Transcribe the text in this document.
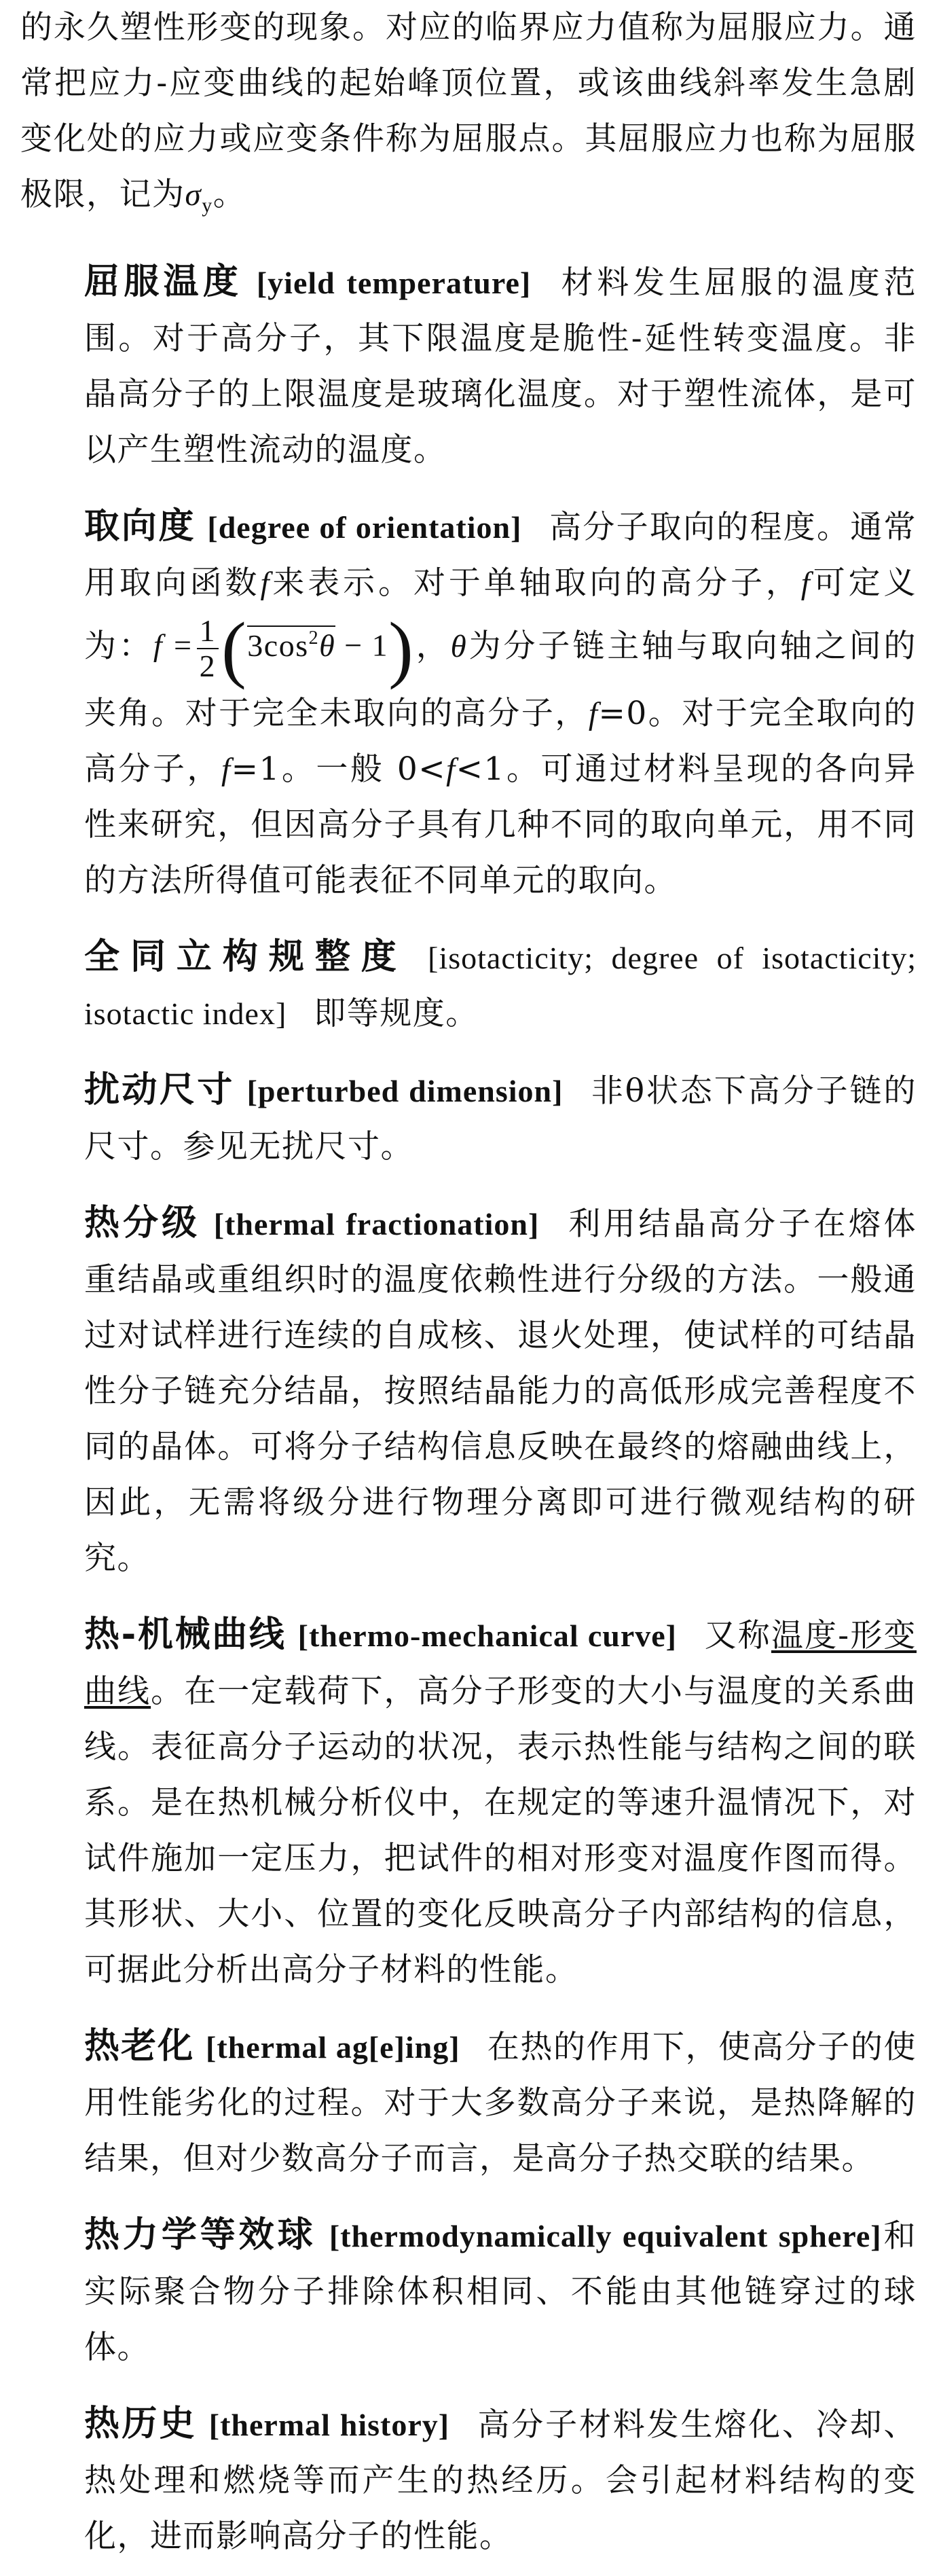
的永久塑性形变的现象。对应的临界应力值称为屈服应力。通常把应力-应变曲线的起始峰顶位置，或该曲线斜率发生急剧变化处的应力或应变条件称为屈服点。其屈服应力也称为屈服极限，记为$\sigma_y$。

屈服温度 [yield temperature] 材料发生屈服的温度范围。对于高分子，其下限温度是脆性-延性转变温度。非晶高分子的上限温度是玻璃化温度。对于塑性流体，是可以产生塑性流动的温度。

取向度 [degree of orientation] 高分子取向的程度。通常用取向函数f来表示。对于单轴取向的高分子，f可定义为：$f = \frac{1}{2} (3\cos^2\theta - 1)$，θ为分子链主轴与取向轴之间的夹角。对于完全未取向的高分子，f=0。对于完全取向的高分子，f=1。一般 0<f<1。可通过材料呈现的各向异性来研究，但因高分子具有几种不同的取向单元，用不同的方法所得值可能表征不同单元的取向。

全同立构规整度 [isotacticity; degree of isotacticity; isotactic index] 即等规度。

扰动尺寸 [perturbed dimension] 非θ状态下高分子链的尺寸。参见无扰尺寸。

热分级 [thermal fractionation] 利用结晶高分子在熔体重结晶或重组织时的温度依赖性进行分级的方法。一般通过对试样进行连续的自成核、退火处理，使试样的可结晶性分子链充分结晶，按照结晶能力的高低形成完善程度不同的晶体。可将分子结构信息反映在最终的熔融曲线上，因此，无需将级分进行物理分离即可进行微观结构的研究。

热-机械曲线 [thermo-mechanical curve] 又称温度-形变曲线。在一定载荷下，高分子形变的大小与温度的关系曲线。表征高分子运动的状况，表示热性能与结构之间的联系。是在热机械分析仪中，在规定的等速升温情况下，对试件施加一定压力，把试件的相对形变对温度作图而得。其形状、大小、位置的变化反映高分子内部结构的信息，可据此分析出高分子材料的性能。

热老化 [thermal ag[e]ing] 在热的作用下，使高分子的使用性能劣化的过程。对于大多数高分子来说，是热降解的结果，但对少数高分子而言，是高分子热交联的结果。

热力学等效球 [thermodynamically equivalent sphere]和实际聚合物分子排除体积相同、不能由其他链穿过的球体。

热历史 [thermal history] 高分子材料发生熔化、冷却、热处理和燃烧等而产生的热经历。会引起材料结构的变化，进而影响高分子的性能。
